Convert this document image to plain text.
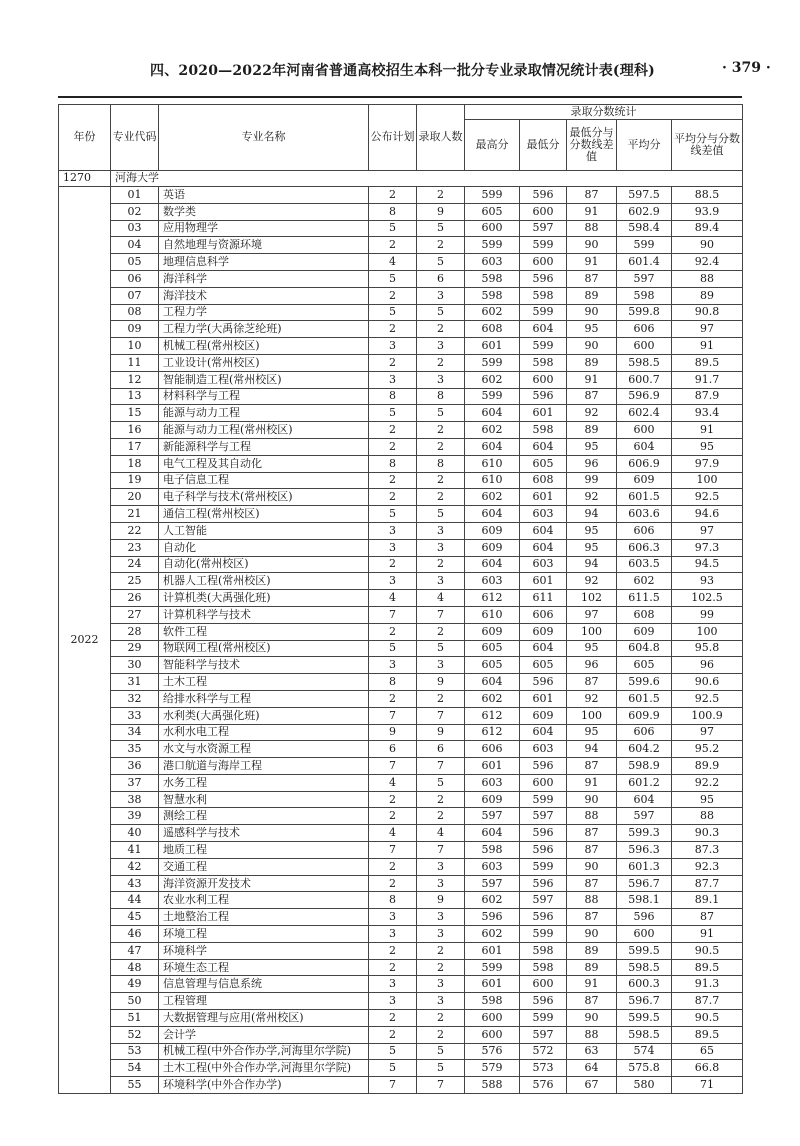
四、2020—2022年河南省普通高校招生本科一批分专业录取情况统计表(理科)	· 379 ·
年份	专业代码	专业名称	公布计划	录取人数	录取分数统计				
					最高分	最低分	最低分与分数线差值	平均分	平均分与分数线差值
1270	河海大学								
2022	01	英语	2	2	599	596	87	597.5	88.5
	02	数学类	8	9	605	600	91	602.9	93.9
	03	应用物理学	5	5	600	597	88	598.4	89.4
	04	自然地理与资源环境	2	2	599	599	90	599	90
	05	地理信息科学	4	5	603	600	91	601.4	92.4
	06	海洋科学	5	6	598	596	87	597	88
	07	海洋技术	2	3	598	598	89	598	89
	08	工程力学	5	5	602	599	90	599.8	90.8
	09	工程力学(大禹徐芝纶班)	2	2	608	604	95	606	97
	10	机械工程(常州校区)	3	3	601	599	90	600	91
	11	工业设计(常州校区)	2	2	599	598	89	598.5	89.5
	12	智能制造工程(常州校区)	3	3	602	600	91	600.7	91.7
	13	材料科学与工程	8	8	599	596	87	596.9	87.9
	15	能源与动力工程	5	5	604	601	92	602.4	93.4
	16	能源与动力工程(常州校区)	2	2	602	598	89	600	91
	17	新能源科学与工程	2	2	604	604	95	604	95
	18	电气工程及其自动化	8	8	610	605	96	606.9	97.9
	19	电子信息工程	2	2	610	608	99	609	100
	20	电子科学与技术(常州校区)	2	2	602	601	92	601.5	92.5
	21	通信工程(常州校区)	5	5	604	603	94	603.6	94.6
	22	人工智能	3	3	609	604	95	606	97
	23	自动化	3	3	609	604	95	606.3	97.3
	24	自动化(常州校区)	2	2	604	603	94	603.5	94.5
	25	机器人工程(常州校区)	3	3	603	601	92	602	93
	26	计算机类(大禹强化班)	4	4	612	611	102	611.5	102.5
	27	计算机科学与技术	7	7	610	606	97	608	99
	28	软件工程	2	2	609	609	100	609	100
	29	物联网工程(常州校区)	5	5	605	604	95	604.8	95.8
	30	智能科学与技术	3	3	605	605	96	605	96
	31	土木工程	8	9	604	596	87	599.6	90.6
	32	给排水科学与工程	2	2	602	601	92	601.5	92.5
	33	水利类(大禹强化班)	7	7	612	609	100	609.9	100.9
	34	水利水电工程	9	9	612	604	95	606	97
	35	水文与水资源工程	6	6	606	603	94	604.2	95.2
	36	港口航道与海岸工程	7	7	601	596	87	598.9	89.9
	37	水务工程	4	5	603	600	91	601.2	92.2
	38	智慧水利	2	2	609	599	90	604	95
	39	测绘工程	2	2	597	597	88	597	88
	40	遥感科学与技术	4	4	604	596	87	599.3	90.3
	41	地质工程	7	7	598	596	87	596.3	87.3
	42	交通工程	2	3	603	599	90	601.3	92.3
	43	海洋资源开发技术	2	3	597	596	87	596.7	87.7
	44	农业水利工程	8	9	602	597	88	598.1	89.1
	45	土地整治工程	3	3	596	596	87	596	87
	46	环境工程	3	3	602	599	90	600	91
	47	环境科学	2	2	601	598	89	599.5	90.5
	48	环境生态工程	2	2	599	598	89	598.5	89.5
	49	信息管理与信息系统	3	3	601	600	91	600.3	91.3
	50	工程管理	3	3	598	596	87	596.7	87.7
	51	大数据管理与应用(常州校区)	2	2	600	599	90	599.5	90.5
	52	会计学	2	2	600	597	88	598.5	89.5
	53	机械工程(中外合作办学,河海里尔学院)	5	5	576	572	63	574	65
	54	土木工程(中外合作办学,河海里尔学院)	5	5	579	573	64	575.8	66.8
	55	环境科学(中外合作办学)	7	7	588	576	67	580	71
